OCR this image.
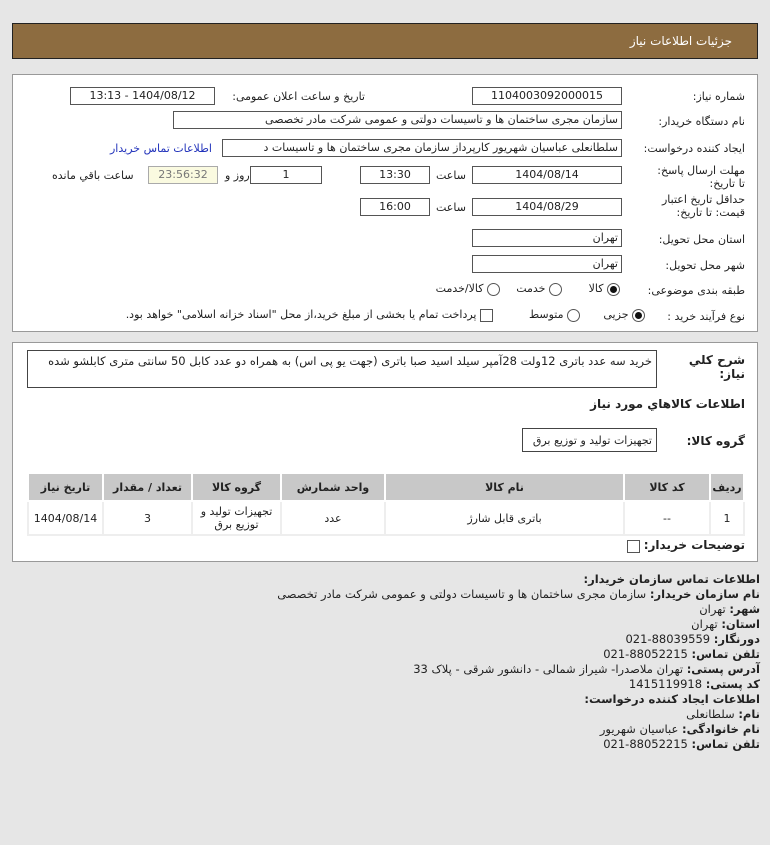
جزئیات اطلاعات نیاز
شماره نیاز:
1104003092000015
تاریخ و ساعت اعلان عمومی:
1404/08/12 - 13:13
نام دستگاه خریدار:
سازمان مجری ساختمان ها و تاسیسات دولتی و عمومی شرکت مادر تخصصی
ایجاد کننده درخواست:
سلطانعلی عباسیان شهریور کارپرداز سازمان مجری ساختمان ها و تاسیسات د
اطلاعات تماس خریدار
مهلت ارسال پاسخ: تا تاریخ:
1404/08/14
ساعت
13:30
1
روز و
23:56:32
ساعت باقي مانده
حداقل تاریخ اعتبار قیمت: تا تاریخ:
1404/08/29
ساعت
16:00
استان محل تحویل:
تهران
شهر محل تحویل:
تهران
طبقه بندی موضوعی:
کالا
خدمت
کالا/خدمت
نوع فرآیند خرید :
جزیی
متوسط
پرداخت تمام یا بخشی از مبلغ خرید،از محل "اسناد خزانه اسلامی" خواهد بود.
شرح كلي نياز:
خرید سه عدد باتری 12ولت 28آمپر سیلد اسید صبا باتری (جهت یو پی اس) به همراه دو عدد کابل 50 سانتی متری کابلشو شده
اطلاعات كالاهاي مورد نياز
گروه كالا:
تجهیزات تولید و توزیع برق
ردیف	کد کالا	نام کالا	واحد شمارش	گروه کالا	تعداد / مقدار	تاریخ نیاز
1	--	باتری قابل شارژ	عدد	تجهیزات تولید و توزیع برق	3	1404/08/14
توضیحات خریدار:
اطلاعات تماس سازمان خریدار:
نام سازمان خریدار: سازمان مجری ساختمان ها و تاسیسات دولتی و عمومی شرکت مادر تخصصی
شهر: تهران
استان: تهران
دورنگار: 021-88039559
تلفن تماس: 021-88052215
آدرس پستی: تهران ملاصدرا- شیراز شمالی - دانشور شرقی - پلاک 33
کد پستی: 1415119918
اطلاعات ایجاد کننده درخواست:
نام: سلطانعلی
نام خانوادگی: عباسیان شهریور
تلفن تماس: 021-88052215
